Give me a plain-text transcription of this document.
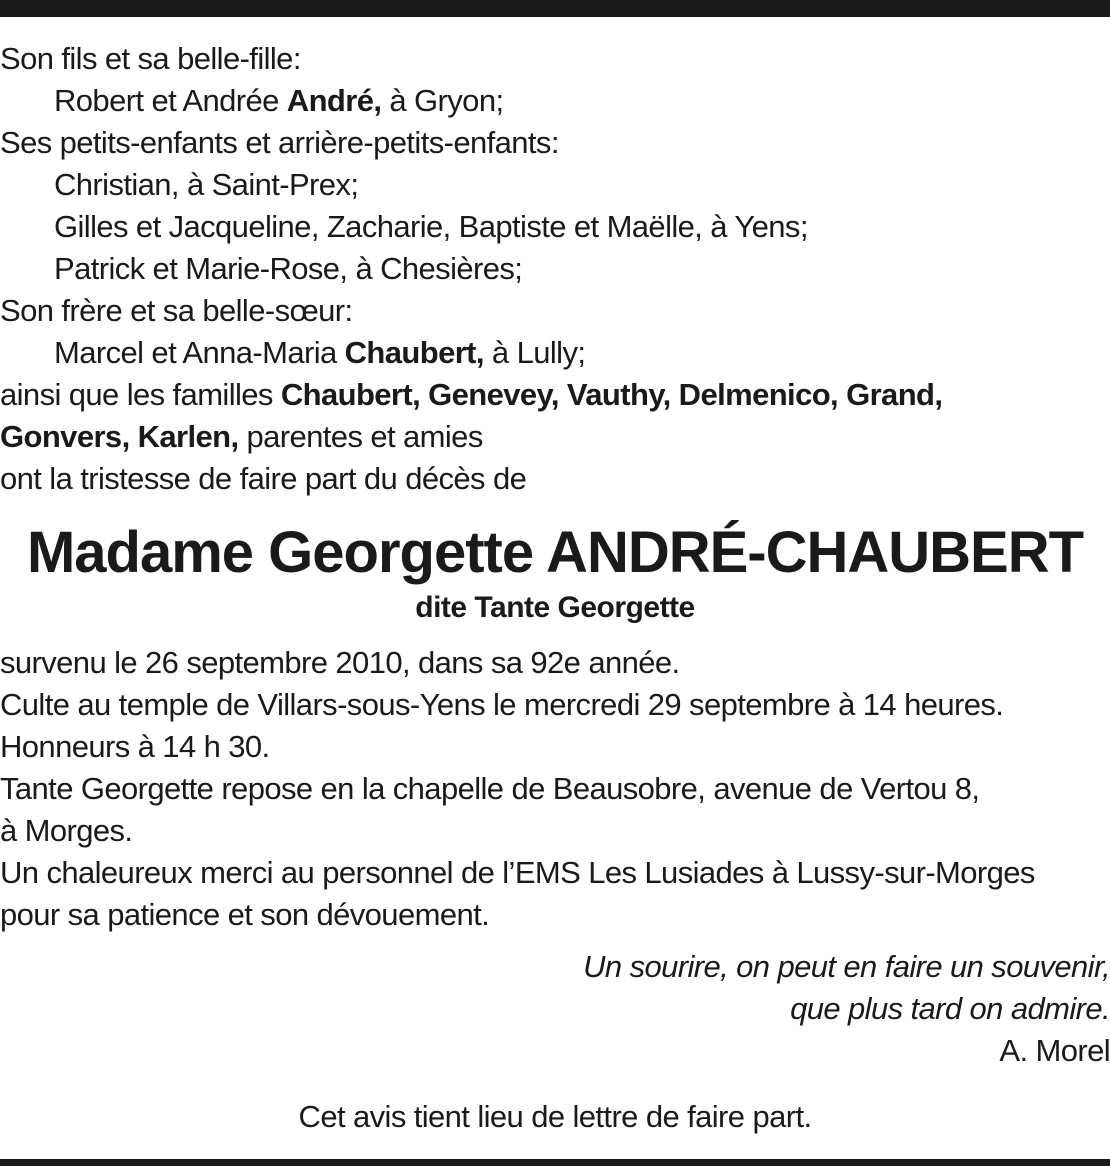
Son fils et sa belle-fille:
Robert et Andrée André, à Gryon;
Ses petits-enfants et arrière-petits-enfants:
Christian, à Saint-Prex;
Gilles et Jacqueline, Zacharie, Baptiste et Maëlle, à Yens;
Patrick et Marie-Rose, à Chesières;
Son frère et sa belle-sœur:
Marcel et Anna-Maria Chaubert, à Lully;
ainsi que les familles Chaubert, Genevey, Vauthy, Delmenico, Grand,
Gonvers, Karlen, parentes et amies
ont la tristesse de faire part du décès de
Madame Georgette ANDRÉ-CHAUBERT
dite Tante Georgette
survenu le 26 septembre 2010, dans sa 92e année.
Culte au temple de Villars-sous-Yens le mercredi 29 septembre à 14 heures.
Honneurs à 14 h 30.
Tante Georgette repose en la chapelle de Beausobre, avenue de Vertou 8,
à Morges.
Un chaleureux merci au personnel de l’EMS Les Lusiades à Lussy-sur-Morges
pour sa patience et son dévouement.
Un sourire, on peut en faire un souvenir,
que plus tard on admire.
A. Morel
Cet avis tient lieu de lettre de faire part.
